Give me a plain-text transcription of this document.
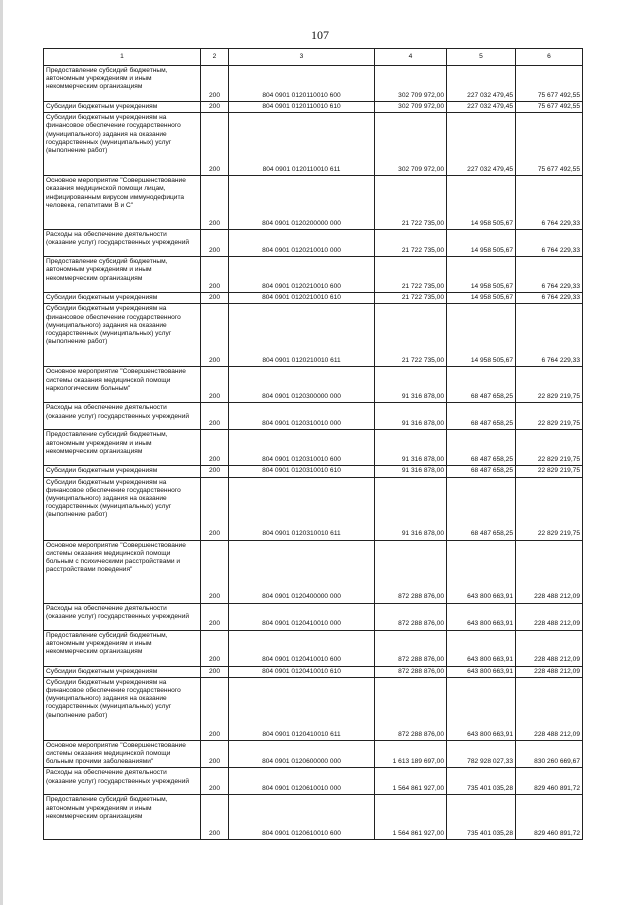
107
1	2	3	4	5	6
Предоставление субсидий бюджетным, автономным учреждениям и иным некоммерческим организациям	200	804 0901 0120110010 600	302 709 972,00	227 032 479,45	75 677 492,55
Субсидии бюджетным учреждениям	200	804 0901 0120110010 610	302 709 972,00	227 032 479,45	75 677 492,55
Субсидии бюджетным учреждениям на финансовое обеспечение государственного (муниципального) задания на оказание государственных (муниципальных) услуг (выполнение работ)	200	804 0901 0120110010 611	302 709 972,00	227 032 479,45	75 677 492,55
Основное мероприятие "Совершенствование оказания медицинской помощи лицам, инфицированным вирусом иммунодефицита человека, гепатитами В и С"	200	804 0901 0120200000 000	21 722 735,00	14 958 505,67	6 764 229,33
Расходы на обеспечение деятельности (оказание услуг) государственных учреждений	200	804 0901 0120210010 000	21 722 735,00	14 958 505,67	6 764 229,33
Предоставление субсидий бюджетным, автономным учреждениям и иным некоммерческим организациям	200	804 0901 0120210010 600	21 722 735,00	14 958 505,67	6 764 229,33
Субсидии бюджетным учреждениям	200	804 0901 0120210010 610	21 722 735,00	14 958 505,67	6 764 229,33
Субсидии бюджетным учреждениям на финансовое обеспечение государственного (муниципального) задания на оказание государственных (муниципальных) услуг (выполнение работ)	200	804 0901 0120210010 611	21 722 735,00	14 958 505,67	6 764 229,33
Основное мероприятие "Совершенствование системы оказания медицинской помощи наркологическим больным"	200	804 0901 0120300000 000	91 316 878,00	68 487 658,25	22 829 219,75
Расходы на обеспечение деятельности (оказание услуг) государственных учреждений	200	804 0901 0120310010 000	91 316 878,00	68 487 658,25	22 829 219,75
Предоставление субсидий бюджетным, автономным учреждениям и иным некоммерческим организациям	200	804 0901 0120310010 600	91 316 878,00	68 487 658,25	22 829 219,75
Субсидии бюджетным учреждениям	200	804 0901 0120310010 610	91 316 878,00	68 487 658,25	22 829 219,75
Субсидии бюджетным учреждениям на финансовое обеспечение государственного (муниципального) задания на оказание государственных (муниципальных) услуг (выполнение работ)	200	804 0901 0120310010 611	91 316 878,00	68 487 658,25	22 829 219,75
Основное мероприятие "Совершенствование системы оказания медицинской помощи больным с психическими расстройствами и расстройствами поведения"	200	804 0901 0120400000 000	872 288 876,00	643 800 663,91	228 488 212,09
Расходы на обеспечение деятельности (оказание услуг) государственных учреждений	200	804 0901 0120410010 000	872 288 876,00	643 800 663,91	228 488 212,09
Предоставление субсидий бюджетным, автономным учреждениям и иным некоммерческим организациям	200	804 0901 0120410010 600	872 288 876,00	643 800 663,91	228 488 212,09
Субсидии бюджетным учреждениям	200	804 0901 0120410010 610	872 288 876,00	643 800 663,91	228 488 212,09
Субсидии бюджетным учреждениям на финансовое обеспечение государственного (муниципального) задания на оказание государственных (муниципальных) услуг (выполнение работ)	200	804 0901 0120410010 611	872 288 876,00	643 800 663,91	228 488 212,09
Основное мероприятие "Совершенствование системы оказания медицинской помощи больным прочими заболеваниями"	200	804 0901 0120600000 000	1 613 189 697,00	782 928 027,33	830 260 669,67
Расходы на обеспечение деятельности (оказание услуг) государственных учреждений	200	804 0901 0120610010 000	1 564 861 927,00	735 401 035,28	829 460 891,72
Предоставление субсидий бюджетным, автономным учреждениям и иным некоммерческим организациям	200	804 0901 0120610010 600	1 564 861 927,00	735 401 035,28	829 460 891,72
